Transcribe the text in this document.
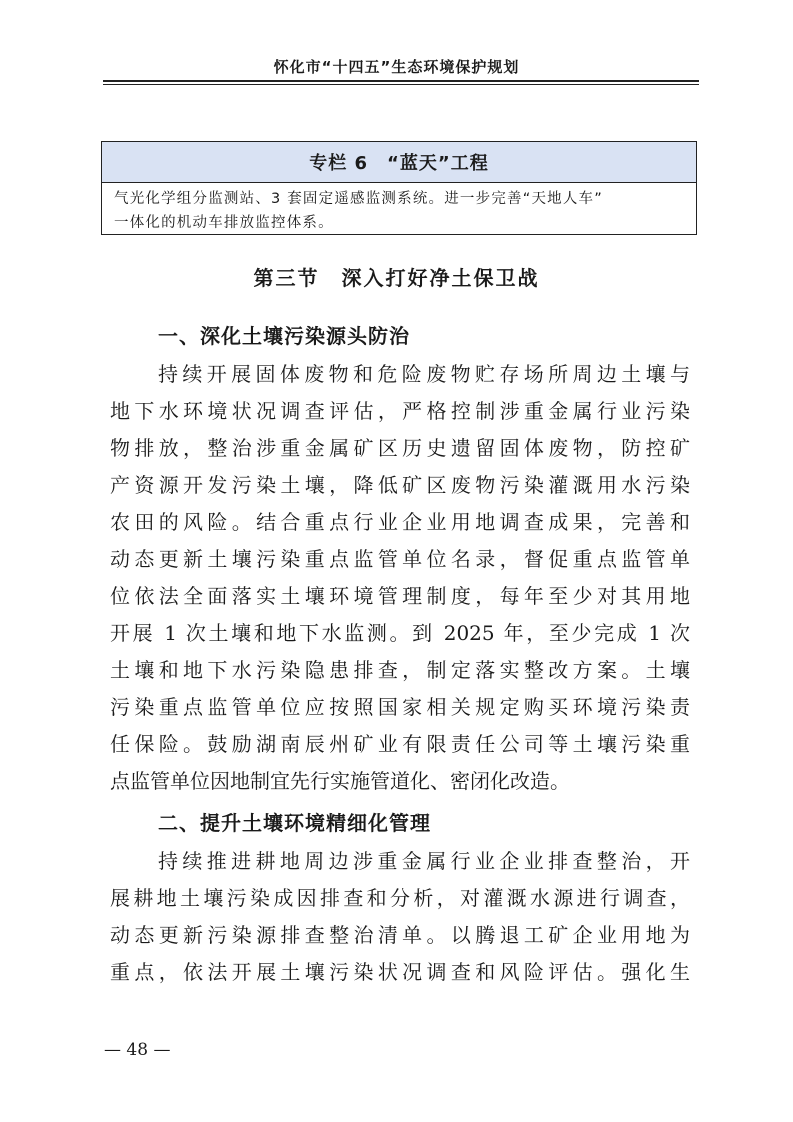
怀化市“十四五”生态环境保护规划
专栏 6　“蓝天”工程
气光化学组分监测站、3 套固定遥感监测系统。进一步完善“天地人车”
一体化的机动车排放监控体系。
第三节　深入打好净土保卫战
一、深化土壤污染源头防治
持续开展固体废物和危险废物贮存场所周边土壤与
地下水环境状况调查评估，严格控制涉重金属行业污染
物排放，整治涉重金属矿区历史遗留固体废物，防控矿
产资源开发污染土壤，降低矿区废物污染灌溉用水污染
农田的风险。结合重点行业企业用地调查成果，完善和
动态更新土壤污染重点监管单位名录，督促重点监管单
位依法全面落实土壤环境管理制度，每年至少对其用地
开展 1 次土壤和地下水监测。到 2025 年，至少完成 1 次
土壤和地下水污染隐患排查，制定落实整改方案。土壤
污染重点监管单位应按照国家相关规定购买环境污染责
任保险。鼓励湖南辰州矿业有限责任公司等土壤污染重
点监管单位因地制宜先行实施管道化、密闭化改造。
二、提升土壤环境精细化管理
持续推进耕地周边涉重金属行业企业排查整治，开
展耕地土壤污染成因排查和分析，对灌溉水源进行调查，
动态更新污染源排查整治清单。以腾退工矿企业用地为
重点，依法开展土壤污染状况调查和风险评估。强化生
— 48 —
